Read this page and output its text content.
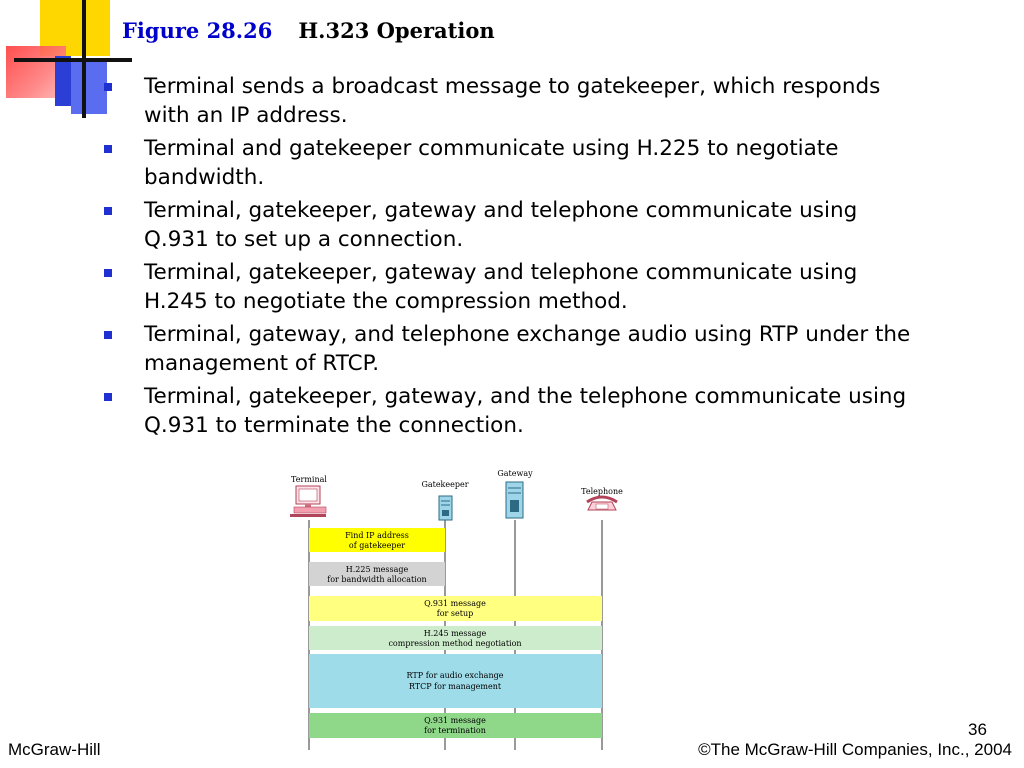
Figure 28.26 H.323 Operation
Terminal sends a broadcast message to gatekeeper, which responds
with an IP address.
Terminal and gatekeeper communicate using H.225 to negotiate
bandwidth.
Terminal, gatekeeper, gateway and telephone communicate using
Q.931 to set up a connection.
Terminal, gatekeeper, gateway and telephone communicate using
H.245 to negotiate the compression method.
Terminal, gateway, and telephone exchange audio using RTP under the
management of RTCP.
Terminal, gatekeeper, gateway, and the telephone communicate using
Q.931 to terminate the connection.
Terminal
Gatekeeper
Gateway
Telephone
Find IP address
of gatekeeper
H.225 message
for bandwidth allocation
Q.931 message
for setup
H.245 message
compression method negotiation
RTP for audio exchange
RTCP for management
Q.931 message
for termination	36
McGraw-Hill	©The McGraw-Hill Companies, Inc., 2004
